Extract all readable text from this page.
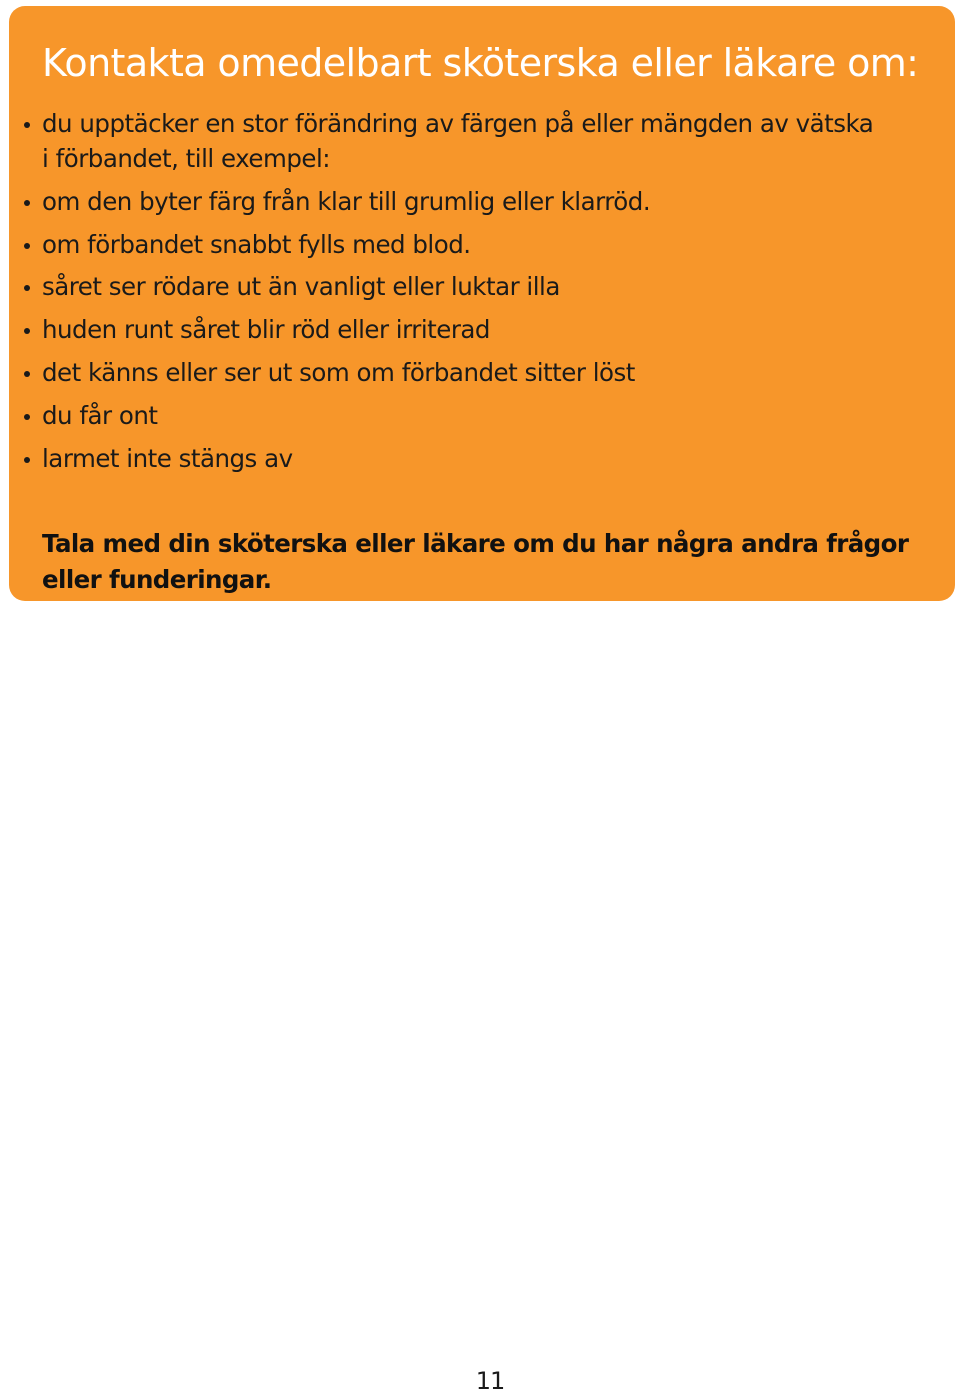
Kontakta omedelbart sköterska eller läkare om:
du upptäcker en stor förändring av färgen på eller mängden av vätska i förbandet, till exempel:
om den byter färg från klar till grumlig eller klarröd.
om förbandet snabbt fylls med blod.
såret ser rödare ut än vanligt eller luktar illa
huden runt såret blir röd eller irriterad
det känns eller ser ut som om förbandet sitter löst
du får ont
larmet inte stängs av

Tala med din sköterska eller läkare om du har några andra frågor eller funderingar.

11
